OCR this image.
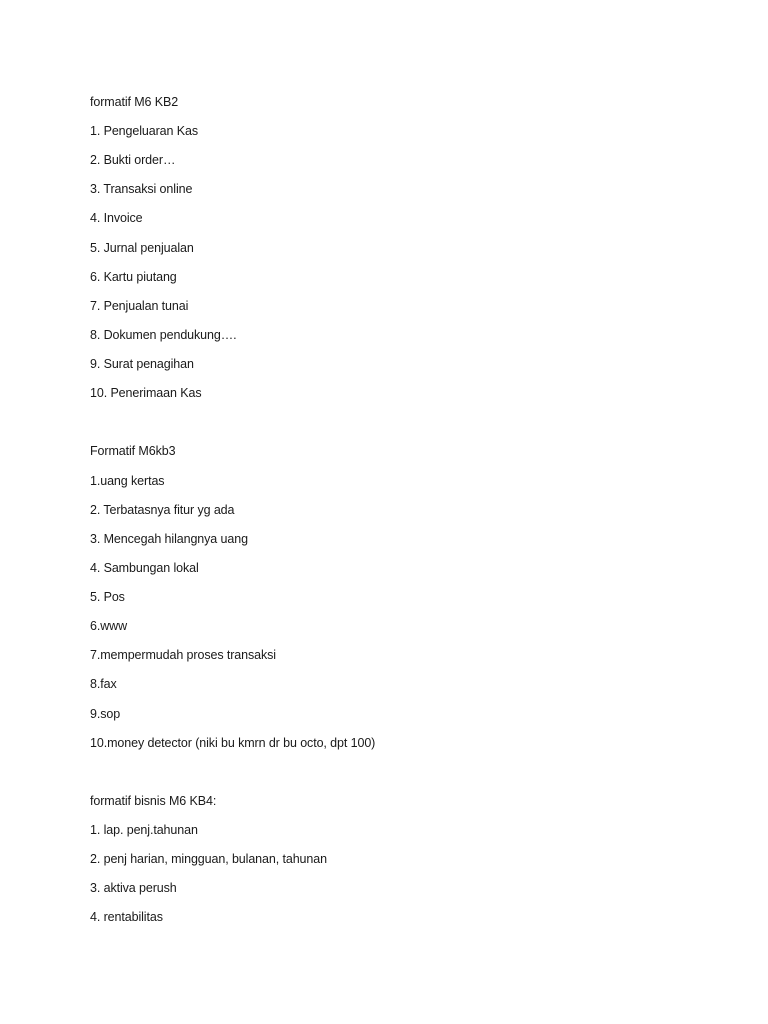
formatif M6 KB2
1. Pengeluaran Kas
2. Bukti order…
3. Transaksi online
4. Invoice
5. Jurnal penjualan
6. Kartu piutang
7. Penjualan tunai
8. Dokumen pendukung….
9. Surat penagihan
10. Penerimaan Kas
Formatif M6kb3
1.uang kertas
2. Terbatasnya fitur yg ada
3. Mencegah hilangnya uang
4. Sambungan lokal
5. Pos
6.www
7.mempermudah proses transaksi
8.fax
9.sop
10.money detector (niki bu kmrn dr bu octo, dpt 100)
formatif bisnis M6 KB4:
1. lap. penj.tahunan
2. penj harian, mingguan, bulanan, tahunan
3. aktiva perush
4. rentabilitas
